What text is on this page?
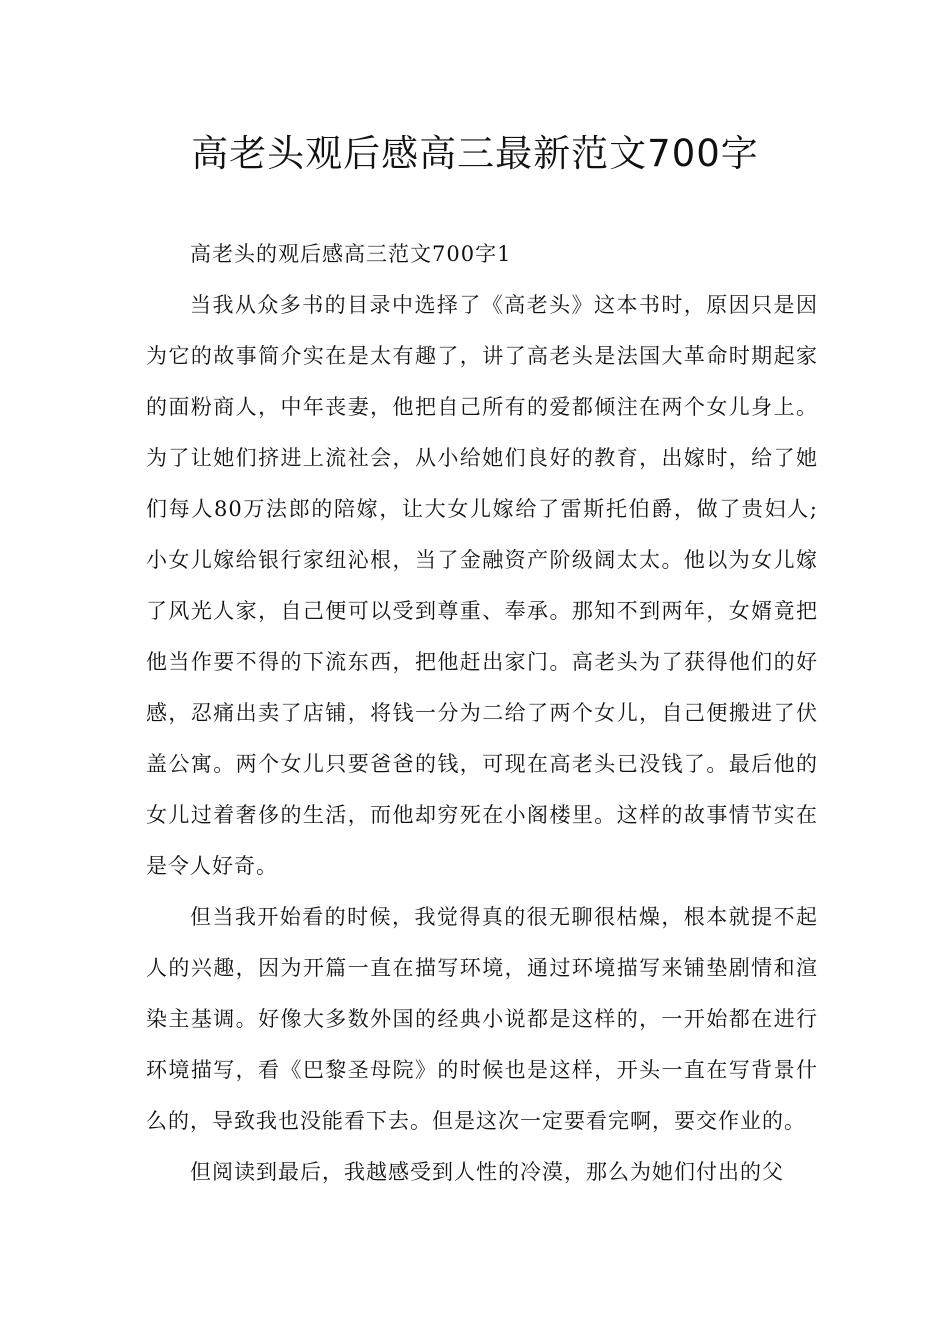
高老头观后感高三最新范文700字

高老头的观后感高三范文700字1

当我从众多书的目录中选择了《高老头》这本书时，原因只是因为它的故事简介实在是太有趣了，讲了高老头是法国大革命时期起家的面粉商人，中年丧妻，他把自己所有的爱都倾注在两个女儿身上。为了让她们挤进上流社会，从小给她们良好的教育，出嫁时，给了她们每人80万法郎的陪嫁，让大女儿嫁给了雷斯托伯爵，做了贵妇人;小女儿嫁给银行家纽沁根，当了金融资产阶级阔太太。他以为女儿嫁了风光人家，自己便可以受到尊重、奉承。那知不到两年，女婿竟把他当作要不得的下流东西，把他赶出家门。高老头为了获得他们的好感，忍痛出卖了店铺，将钱一分为二给了两个女儿，自己便搬进了伏盖公寓。两个女儿只要爸爸的钱，可现在高老头已没钱了。最后他的女儿过着奢侈的生活，而他却穷死在小阁楼里。这样的故事情节实在是令人好奇。

但当我开始看的时候，我觉得真的很无聊很枯燥，根本就提不起人的兴趣，因为开篇一直在描写环境，通过环境描写来铺垫剧情和渲染主基调。好像大多数外国的经典小说都是这样的，一开始都在进行环境描写，看《巴黎圣母院》的时候也是这样，开头一直在写背景什么的，导致我也没能看下去。但是这次一定要看完啊，要交作业的。

但阅读到最后，我越感受到人性的冷漠，那么为她们付出的父
